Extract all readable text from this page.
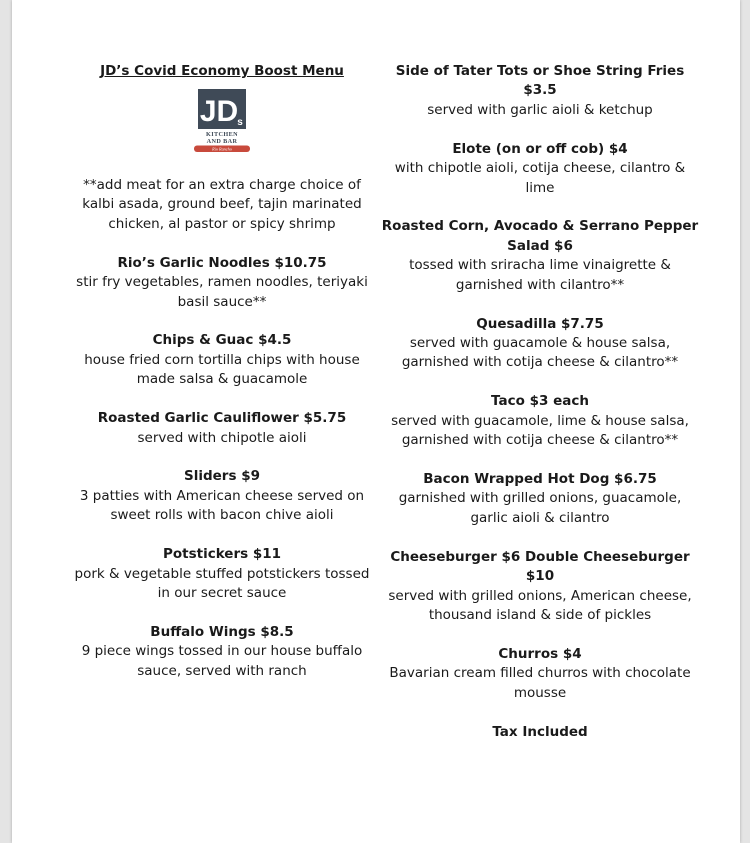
JD’s Covid Economy Boost Menu
JD s
KITCHEN
AND BAR
Rio Rancho
**add meat for an extra charge choice of kalbi asada, ground beef, tajin marinated chicken, al pastor or spicy shrimp
Rio’s Garlic Noodles $10.75
stir fry vegetables, ramen noodles, teriyaki basil sauce**
Chips & Guac $4.5
house fried corn tortilla chips with house made salsa & guacamole
Roasted Garlic Cauliflower $5.75
served with chipotle aioli
Sliders $9
3 patties with American cheese served on sweet rolls with bacon chive aioli
Potstickers $11
pork & vegetable stuffed potstickers tossed in our secret sauce
Buffalo Wings $8.5
9 piece wings tossed in our house buffalo sauce, served with ranch
Side of Tater Tots or Shoe String Fries $3.5
served with garlic aioli & ketchup
Elote (on or off cob) $4
with chipotle aioli, cotija cheese, cilantro & lime
Roasted Corn, Avocado & Serrano Pepper Salad $6
tossed with sriracha lime vinaigrette & garnished with cilantro**
Quesadilla $7.75
served with guacamole & house salsa, garnished with cotija cheese & cilantro**
Taco $3 each
served with guacamole, lime & house salsa, garnished with cotija cheese & cilantro**
Bacon Wrapped Hot Dog $6.75
garnished with grilled onions, guacamole, garlic aioli & cilantro
Cheeseburger $6 Double Cheeseburger $10
served with grilled onions, American cheese, thousand island & side of pickles
Churros $4
Bavarian cream filled churros with chocolate mousse
Tax Included
